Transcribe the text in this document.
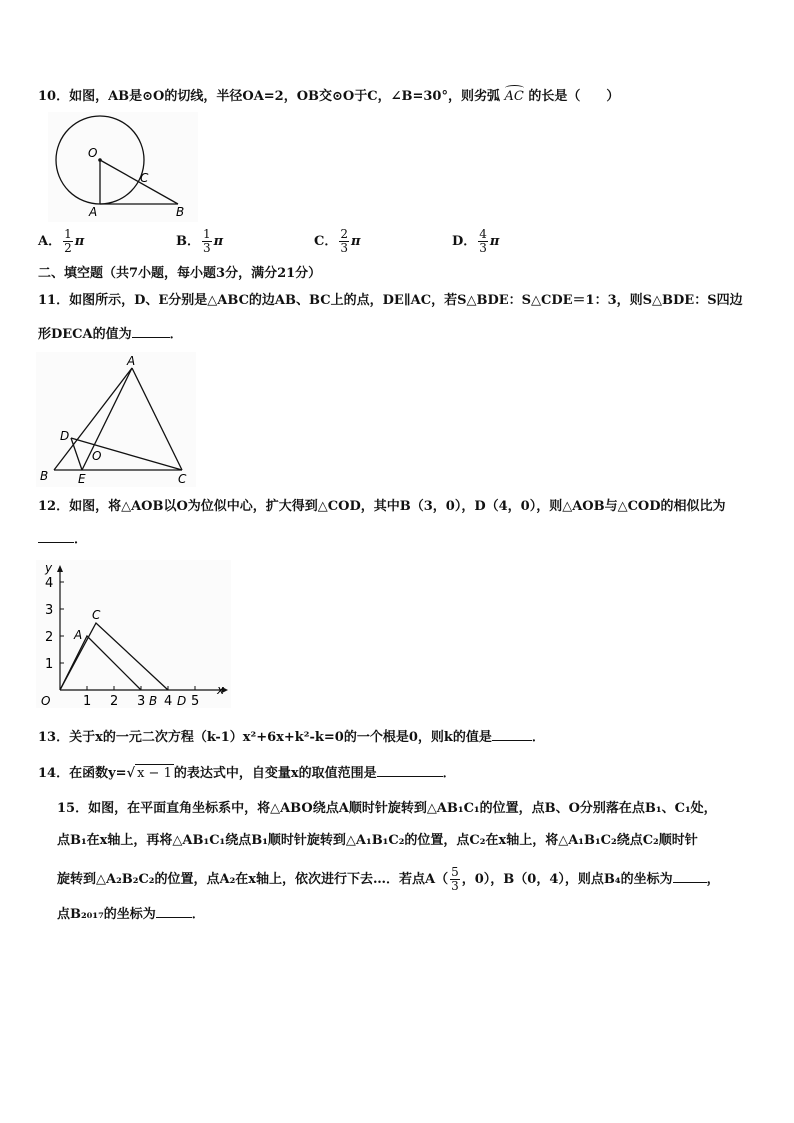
10．如图，AB是⊙O的切线，半径OA=2，OB交⊙O于C，∠B=30°，则劣弧 AC 的长是（　　）
O
C
A	B
A． $\frac{1}{2}$ π	B． $\frac{1}{3}$ π	C． $\frac{2}{3}$ π	D． $\frac{4}{3}$ π
二、填空题（共7小题，每小题3分，满分21分）
11．如图所示，D、E分别是△ABC的边AB、BC上的点，DE∥AC，若S△BDE：S△CDE＝1：3，则S△BDE：S四边
形DECA的值为	．
A
D
O
B E	C
12．如图，将△AOB以O为位似中心，扩大得到△COD，其中B（3，0），D（4，0），则△AOB与△COD的相似比为
．
y
x
O
1
2
3
4
1 2 3 4 5
A
C
B D
13．关于x的一元二次方程（k-1）x²+6x+k²-k=0的一个根是0，则k的值是	．
14．在函数y=√ x − 1 的表达式中，自变量x的取值范围是	．
15．如图，在平面直角坐标系中，将△ABO绕点A顺时针旋转到△AB₁C₁的位置，点B、O分别落在点B₁、C₁处，
点B₁在x轴上，再将△AB₁C₁绕点B₁顺时针旋转到△A₁B₁C₂的位置，点C₂在x轴上，将△A₁B₁C₂绕点C₂顺时针
旋转到△A₂B₂C₂的位置，点A₂在x轴上，依次进行下去…．若点$A( \frac{5}{3}$ ，0），B（0，4），则点B₄的坐标为	，
点B₂₀₁₇的坐标为	．
